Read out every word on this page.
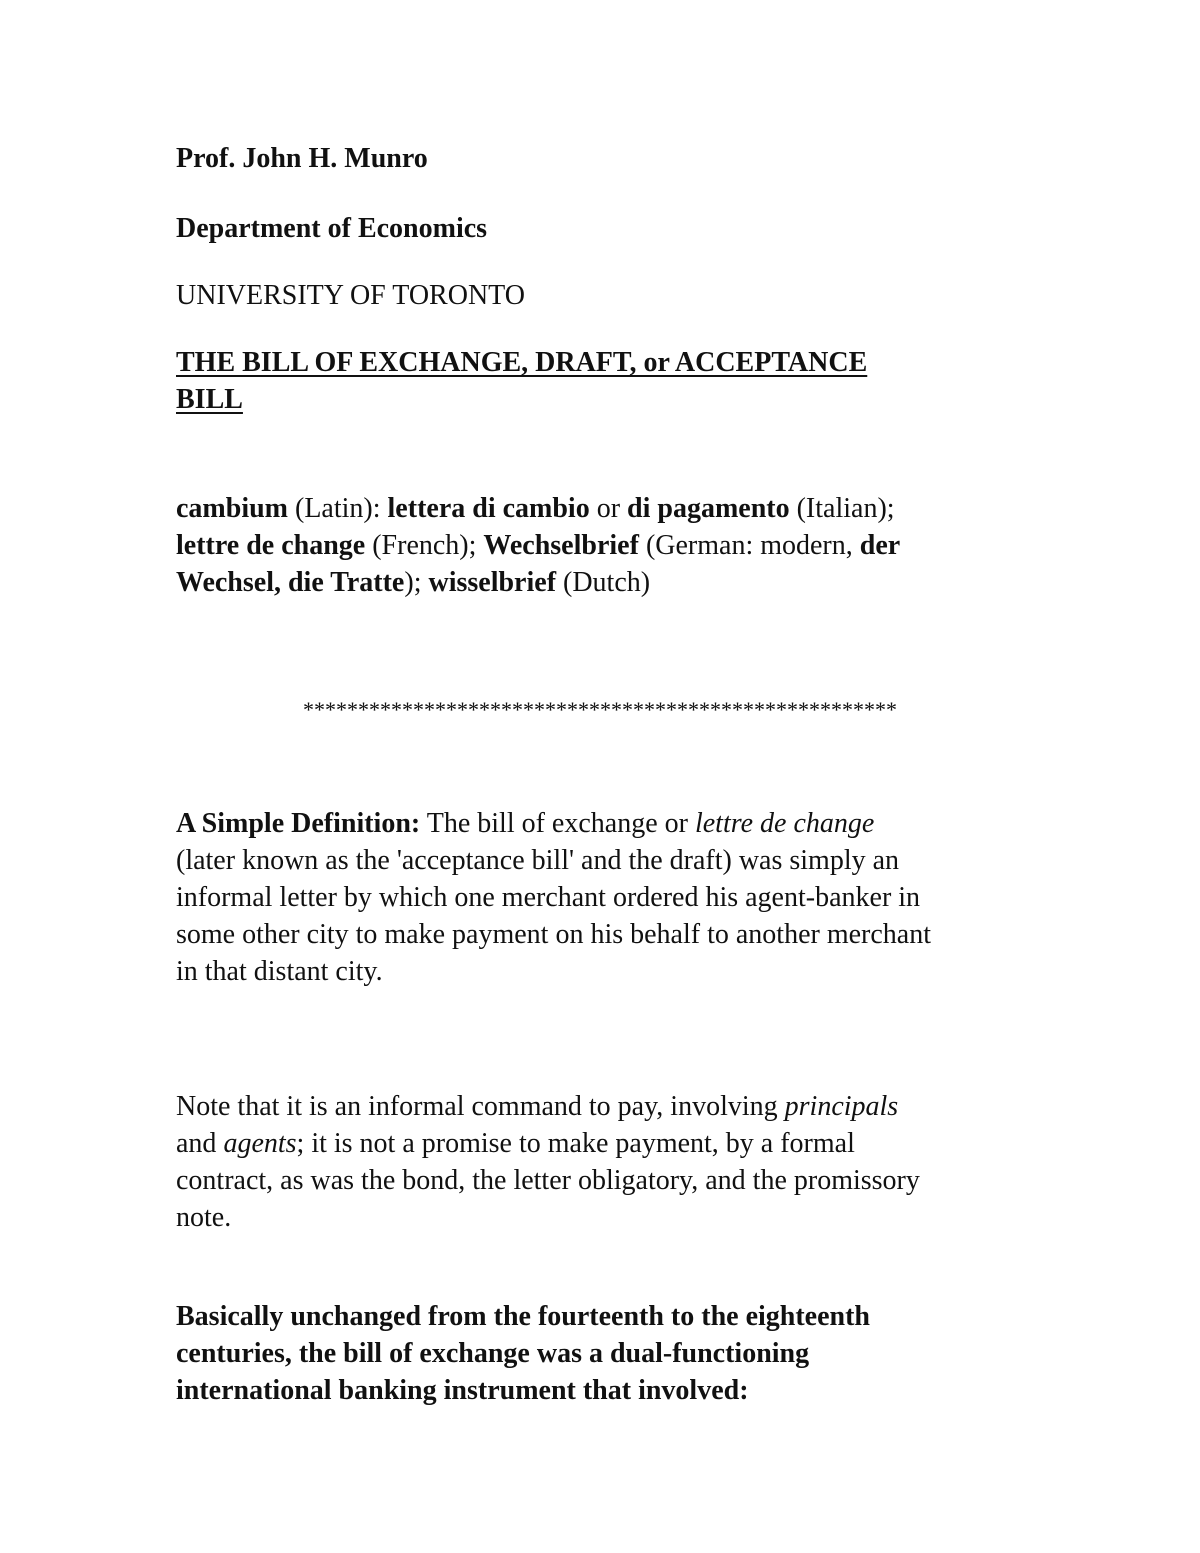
Prof. John H. Munro

Department of Economics

UNIVERSITY OF TORONTO

THE BILL OF EXCHANGE, DRAFT, or ACCEPTANCE

BILL

cambium (Latin): lettera di cambio or di pagamento (Italian);

lettre de change (French); Wechselbrief (German: modern, der

Wechsel, die Tratte); wisselbrief (Dutch)

A Simple Definition: The bill of exchange or lettre de change

(later known as the 'acceptance bill' and the draft) was simply an

informal letter by which one merchant ordered his agent-banker in

some other city to make payment on his behalf to another merchant

in that distant city.

Note that it is an informal command to pay, involving principals

and agents; it is not a promise to make payment, by a formal

contract, as was the bond, the letter obligatory, and the promissory

note.

Basically unchanged from the fourteenth to the eighteenth

centuries, the bill of exchange was a dual-functioning

international banking instrument that involved:

******************************************************
